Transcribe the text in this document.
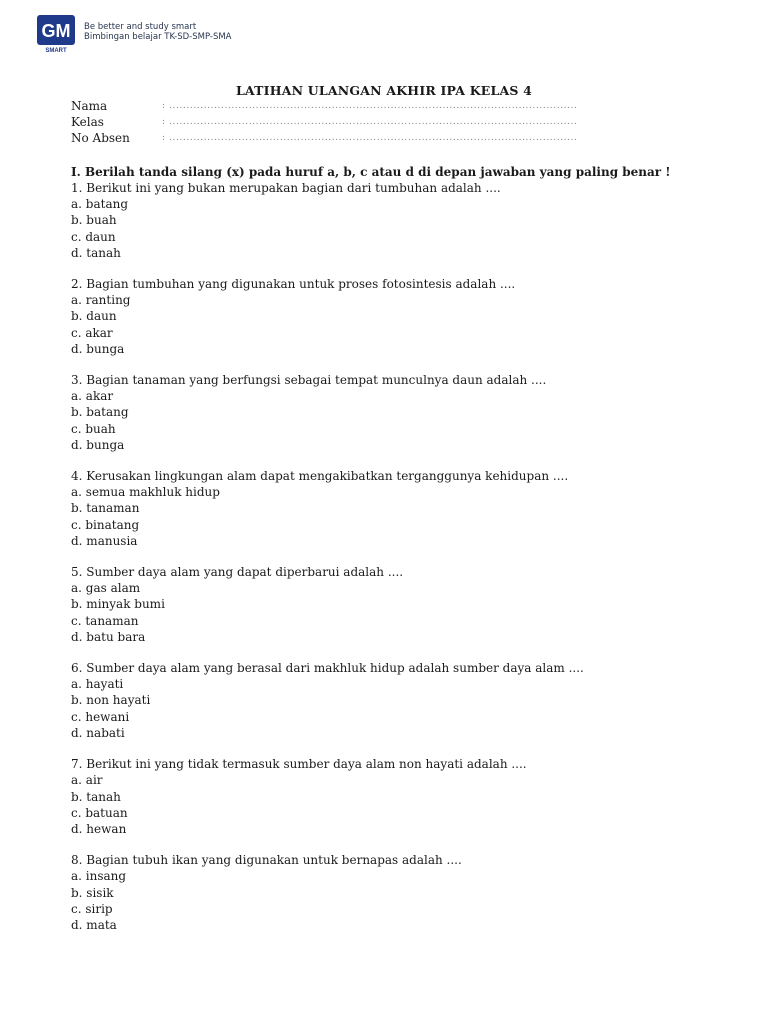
GM
SMART
Be better and study smart
Bimbingan belajar TK-SD-SMP-SMA
LATIHAN ULANGAN AKHIR IPA KELAS 4
Nama	: ......................................................................................................................
Kelas	: ......................................................................................................................
No Absen	: ......................................................................................................................
I. Berilah tanda silang (x) pada huruf a, b, c atau d di depan jawaban yang paling benar !
1. Berikut ini yang bukan merupakan bagian dari tumbuhan adalah ....
a. batang
b. buah
c. daun
d. tanah
2. Bagian tumbuhan yang digunakan untuk proses fotosintesis adalah ....
a. ranting
b. daun
c. akar
d. bunga
3. Bagian tanaman yang berfungsi sebagai tempat munculnya daun adalah ....
a. akar
b. batang
c. buah
d. bunga
4. Kerusakan lingkungan alam dapat mengakibatkan terganggunya kehidupan ....
a. semua makhluk hidup
b. tanaman
c. binatang
d. manusia
5. Sumber daya alam yang dapat diperbarui adalah ....
a. gas alam
b. minyak bumi
c. tanaman
d. batu bara
6. Sumber daya alam yang berasal dari makhluk hidup adalah sumber daya alam ....
a. hayati
b. non hayati
c. hewani
d. nabati
7. Berikut ini yang tidak termasuk sumber daya alam non hayati adalah ....
a. air
b. tanah
c. batuan
d. hewan
8. Bagian tubuh ikan yang digunakan untuk bernapas adalah ....
a. insang
b. sisik
c. sirip
d. mata
